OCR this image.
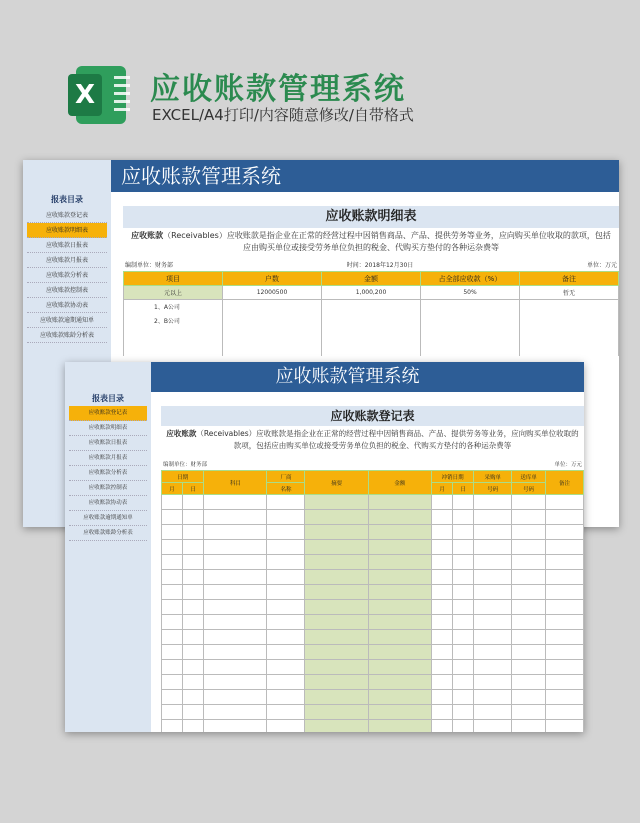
X 应收账款管理系统
EXCEL/A4打印/内容随意修改/自带格式
报表目录
应收账款登记表
应收账款明细表
应收账款日报表
应收账款月报表
应收账款分析表
应收账款控制表
应收账款协动表
应收账款逾期通知单
应收账款账龄分析表
应收账款管理系统
应收账款明细表
应收账款（Receivables）应收账款是指企业在正常的经营过程中因销售商品、产品、提供劳务等业务，应向购买单位收取的款项，包括应由购买单位或接受劳务单位负担的税金、代购买方垫付的各种运杂费等
编制单位：财务部	时间：2018年12月30日	单位：万元
项目	户数	金额	占全部应收款（%）	备注
元以上	12000500	1,000,200	50%	暂无
1、A公司				
2、B公司				

报表目录
应收账款登记表
应收账款明细表
应收账款日报表
应收账款月报表
应收账款分析表
应收账款控制表
应收账款协动表
应收账款逾期通知单
应收账款账龄分析表
应收账款管理系统
应收账款登记表
应收账款（Receivables）应收账款是指企业在正常的经营过程中因销售商品、产品、提供劳务等业务，应向购买单位收取的款项，包括应由购买单位或接受劳务单位负担的税金、代购买方垫付的各种运杂费等
编制单位：财务部	单位：万元
日期		科目	厂商	摘要	金额	冲销日期		采购单	送库单	备注
月	日		名称			月	日	号码	号码	
